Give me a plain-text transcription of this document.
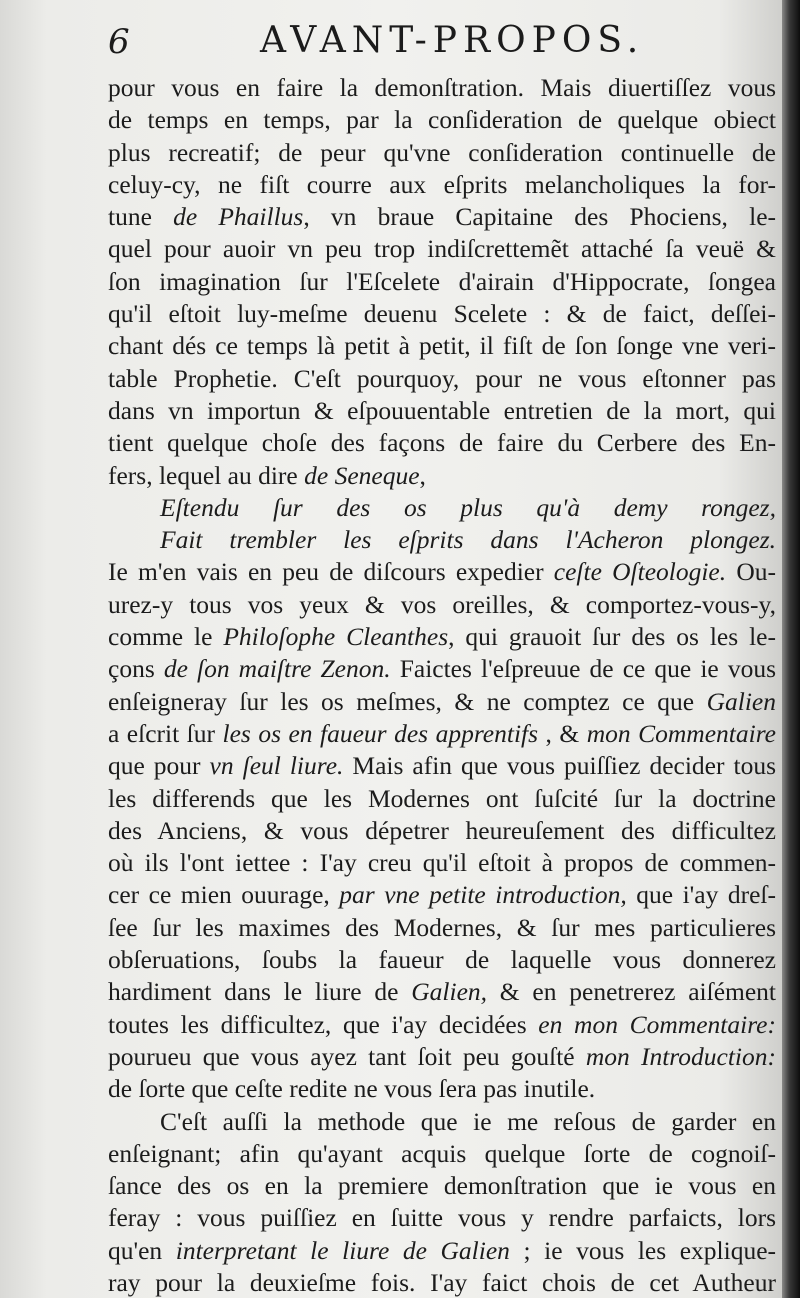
6	AVANT-PROPOS.
pour vous en faire la demonſtration. Mais diuertiſſez vous
de temps en temps, par la conſideration de quelque obiect
plus recreatif; de peur qu'vne conſideration continuelle de
celuy-cy, ne fiſt courre aux eſprits melancholiques la for-
tune de Phaillus, vn braue Capitaine des Phociens, le-
quel pour auoir vn peu trop indiſcrettemẽt attaché ſa veuë &
ſon imagination ſur l'Eſcelete d'airain d'Hippocrate, ſongea
qu'il eſtoit luy-meſme deuenu Scelete : & de faict, deſſei-
chant dés ce temps là petit à petit, il fiſt de ſon ſonge vne veri-
table Prophetie. C'eſt pourquoy, pour ne vous eſtonner pas
dans vn importun & eſpouuentable entretien de la mort, qui
tient quelque choſe des façons de faire du Cerbere des En-
fers, lequel au dire de Seneque,
Eſtendu ſur des os plus qu'à demy rongez,
Fait trembler les eſprits dans l'Acheron plongez.
Ie m'en vais en peu de diſcours expedier ceſte Oſteologie. Ou-
urez-y tous vos yeux & vos oreilles, & comportez-vous-y,
comme le Philoſophe Cleanthes, qui grauoit ſur des os les le-
çons de ſon maiſtre Zenon. Faictes l'eſpreuue de ce que ie vous
enſeigneray ſur les os meſmes, & ne comptez ce que Galien
a eſcrit ſur les os en faueur des apprentifs , & mon Commentaire
que pour vn ſeul liure. Mais afin que vous puiſſiez decider tous
les differends que les Modernes ont ſuſcité ſur la doctrine
des Anciens, & vous dépetrer heureuſement des difficultez
où ils l'ont iettee : I'ay creu qu'il eſtoit à propos de commen-
cer ce mien ouurage, par vne petite introduction, que i'ay dreſ-
ſee ſur les maximes des Modernes, & ſur mes particulieres
obſeruations, ſoubs la faueur de laquelle vous donnerez
hardiment dans le liure de Galien, & en penetrerez aiſément
toutes les difficultez, que i'ay decidées en mon Commentaire:
pourueu que vous ayez tant ſoit peu gouſté mon Introduction:
de ſorte que ceſte redite ne vous ſera pas inutile.
C'eſt auſſi la methode que ie me reſous de garder en
enſeignant; afin qu'ayant acquis quelque ſorte de cognoiſ-
ſance des os en la premiere demonſtration que ie vous en
feray : vous puiſſiez en ſuitte vous y rendre parfaicts, lors
qu'en interpretant le liure de Galien ; ie vous les explique-
ray pour la deuxieſme fois. I'ay faict chois de cet Autheur
